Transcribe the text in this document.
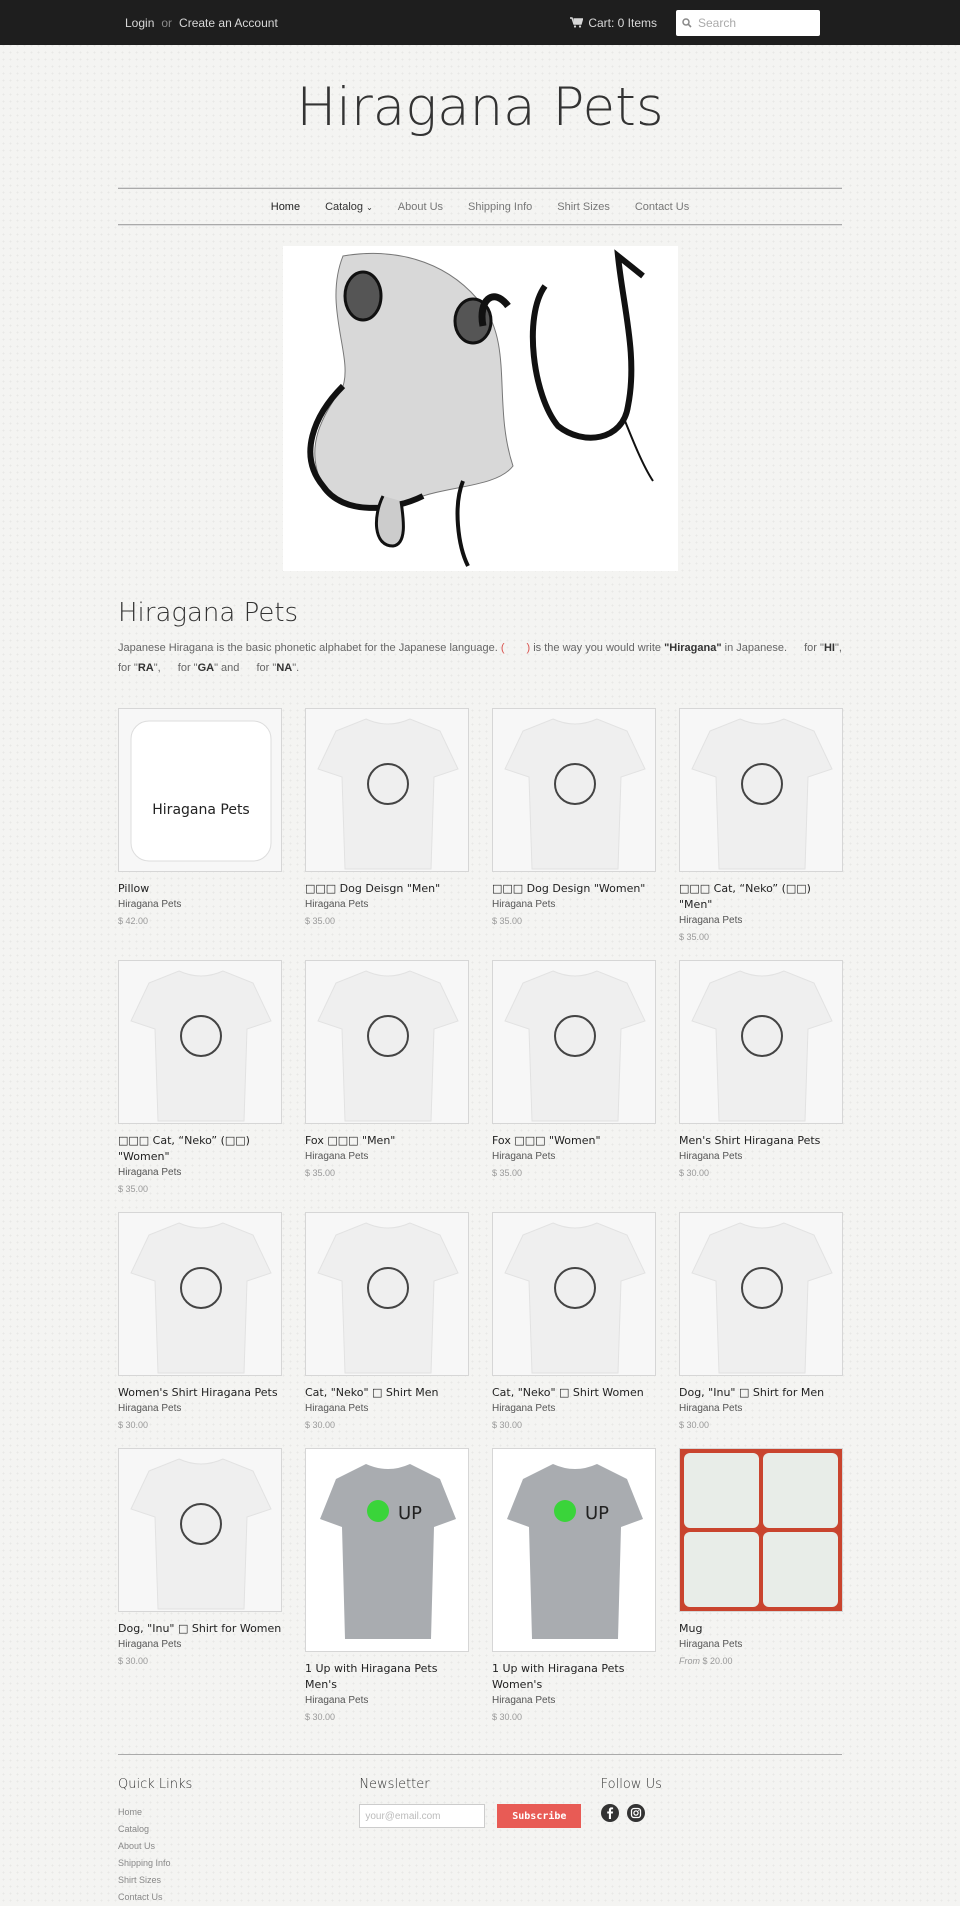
Login or Create an Account	Cart: 0 Items
Search
Hiragana Pets
Home Catalog ⌄ About Us Shipping Info Shirt Sizes Contact Us
Hiragana Pets

Japanese Hiragana is the basic phonetic alphabet for the Japanese language. (　　) is the way you would write "Hiragana" in Japanese. 　 for "HI",
for "RA", 　 for "GA" and 　 for "NA".

Hiragana Pets
Pillow
Hiragana Pets
$ 42.00
□□□ Dog Deisgn "Men"
Hiragana Pets
$ 35.00
□□□ Dog Design "Women"
Hiragana Pets
$ 35.00
□□□ Cat, “Neko” (□□) "Men"
Hiragana Pets
$ 35.00
□□□ Cat, “Neko” (□□) "Women"
Hiragana Pets
$ 35.00
Fox □□□ "Men"
Hiragana Pets
$ 35.00
Fox □□□ "Women"
Hiragana Pets
$ 35.00
Men's Shirt Hiragana Pets
Hiragana Pets
$ 30.00
Women's Shirt Hiragana Pets
Hiragana Pets
$ 30.00
Cat, "Neko" □ Shirt Men
Hiragana Pets
$ 30.00
Cat, "Neko" □ Shirt Women
Hiragana Pets
$ 30.00
Dog, "Inu" □ Shirt for Men
Hiragana Pets
$ 30.00
Dog, "Inu" □ Shirt for Women
Hiragana Pets
$ 30.00
UP
1 Up with Hiragana Pets Men's
Hiragana Pets
$ 30.00
UP
1 Up with Hiragana Pets Women's
Hiragana Pets
$ 30.00
Mug
Hiragana Pets
From $ 20.00
Quick Links
Home
Catalog
About Us
Shipping Info
Shirt Sizes
Contact Us
Newsletter
your@email.com
Subscribe
Follow Us
